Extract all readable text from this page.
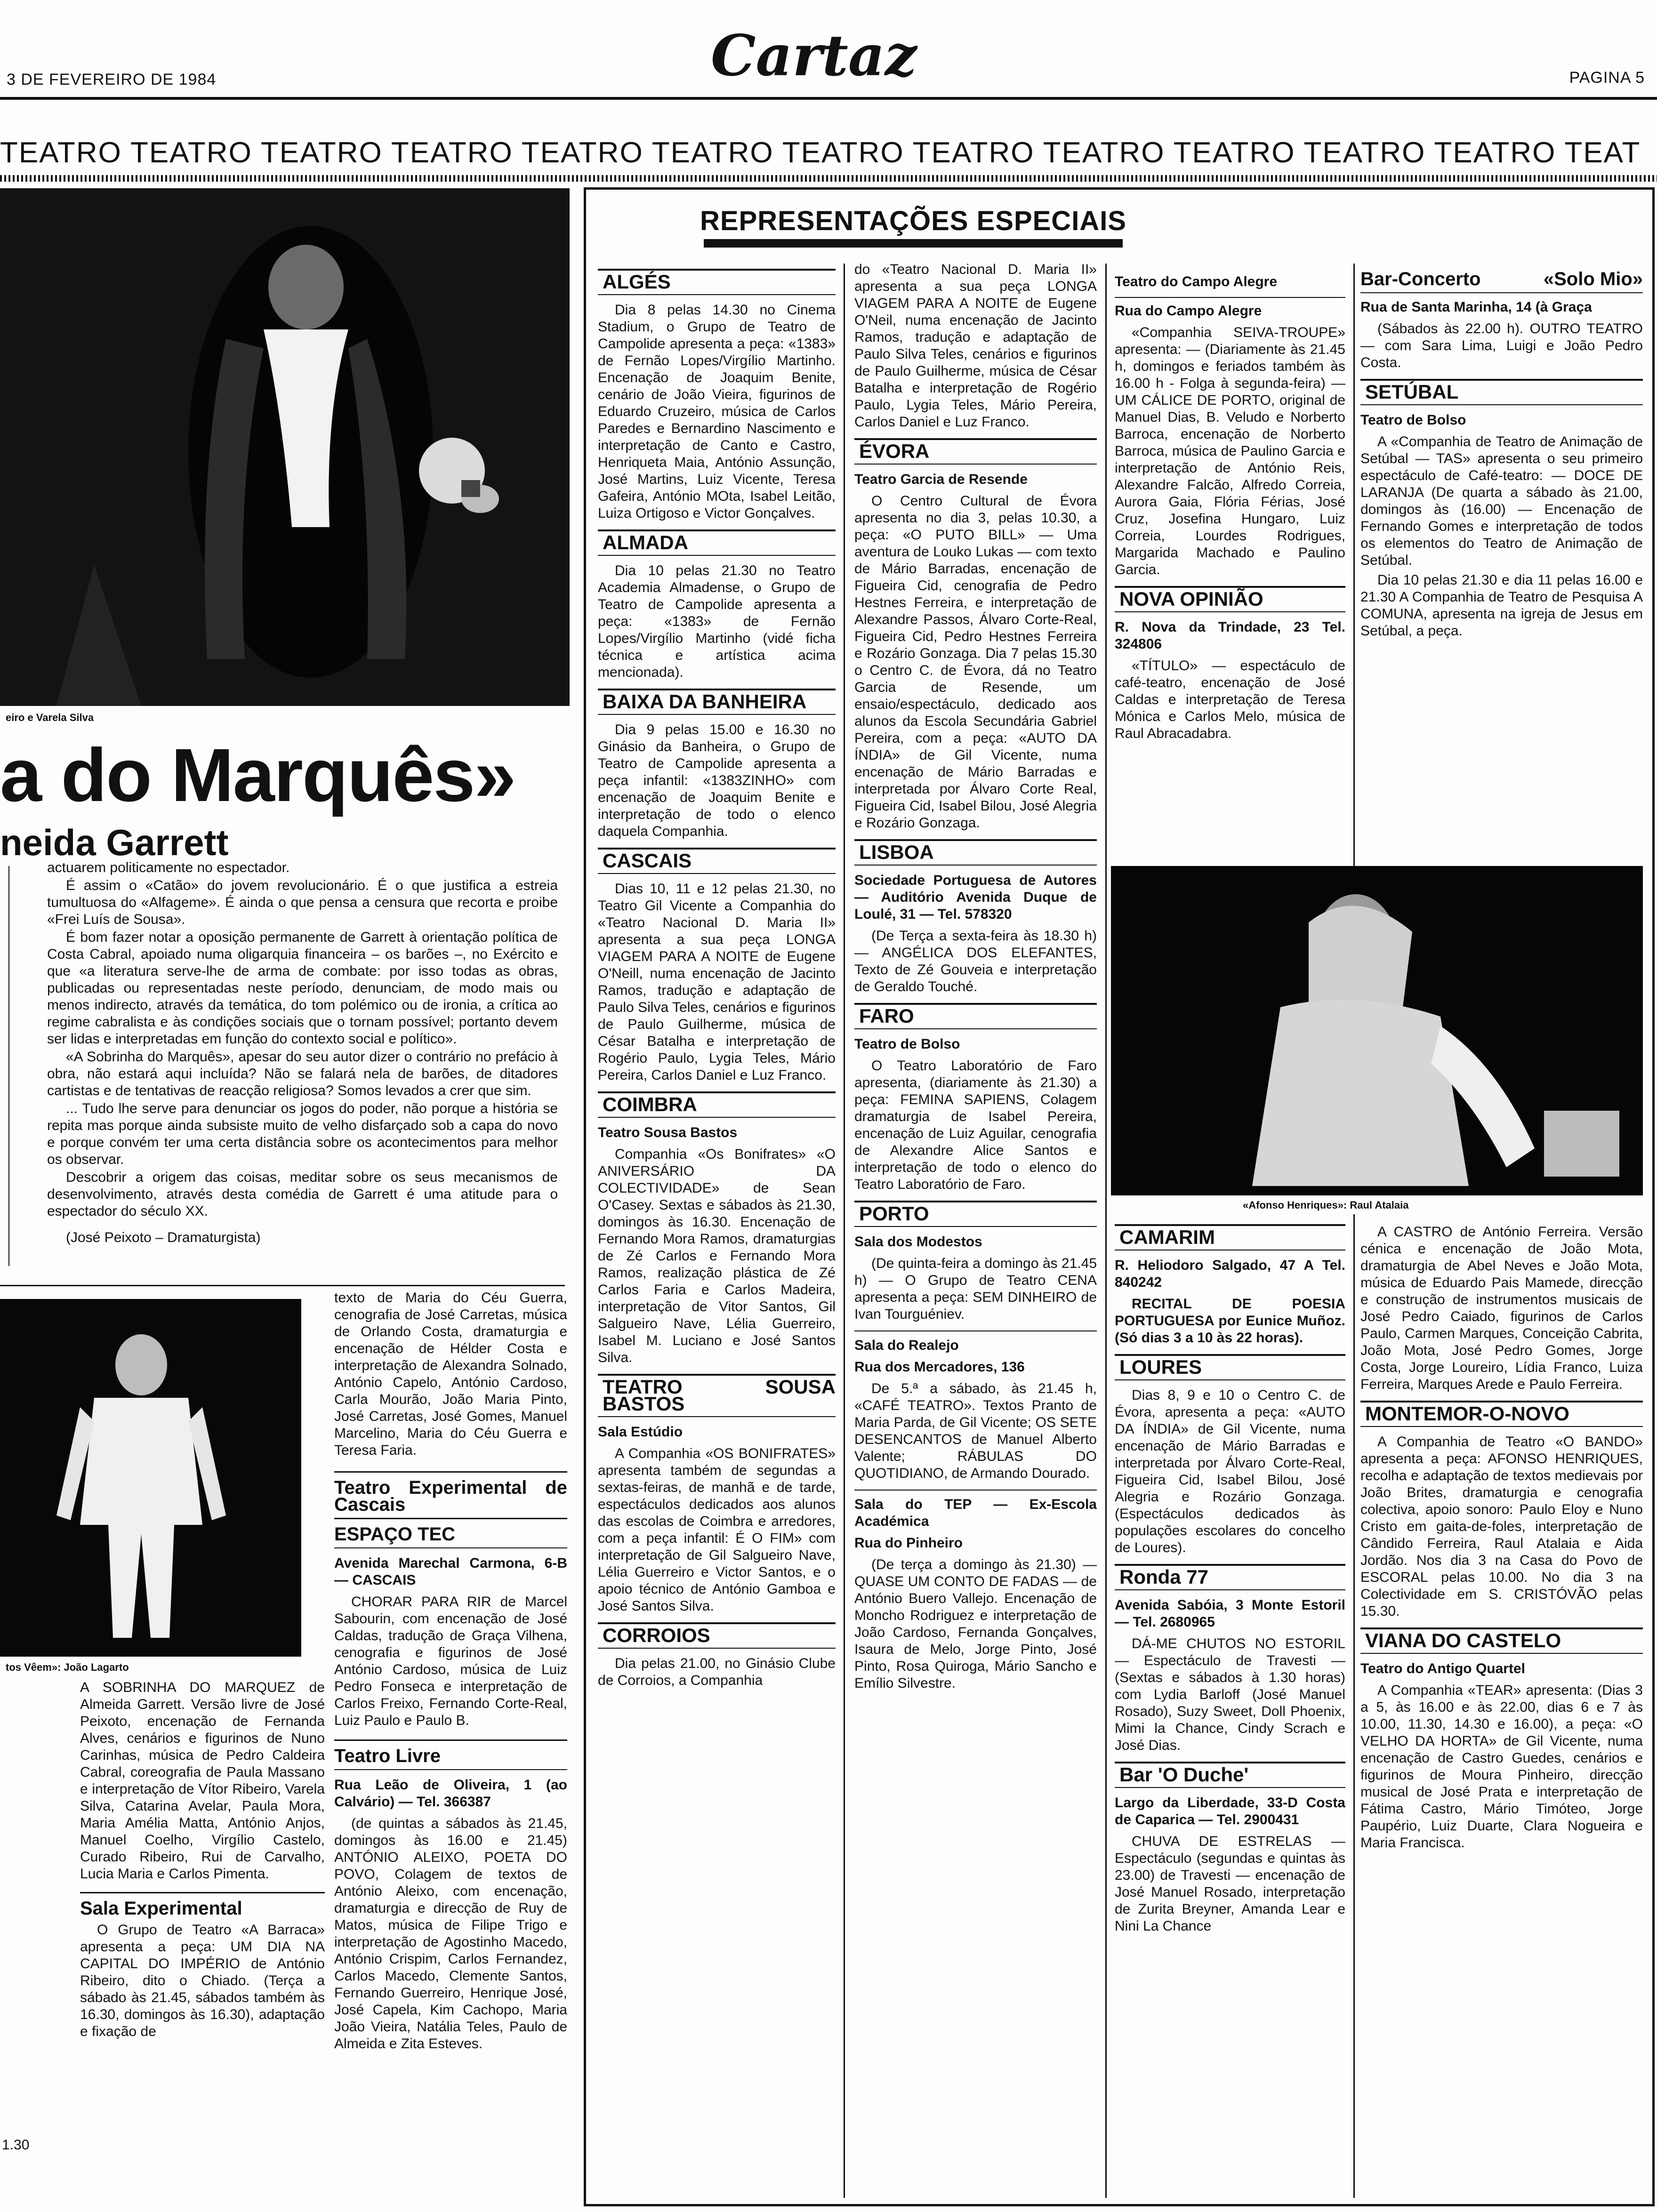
3 DE FEVEREIRO DE 1984	Cartaz	PAGINA 5
TEATRO TEATRO TEATRO TEATRO TEATRO TEATRO TEATRO TEATRO TEATRO TEATRO TEATRO TEATRO TEAT
eiro e Varela Silva
a do Marquês»
neida Garrett

actuarem politicamente no espectador.

É assim o «Catão» do jovem revolucionário. É o que justifica a estreia tumultuosa do «Alfageme». É ainda o que pensa a censura que recorta e proibe «Frei Luís de Sousa».

É bom fazer notar a oposição permanente de Garrett à orientação política de Costa Cabral, apoiado numa oligarquia financeira – os barões –, no Exército e que «a literatura serve-lhe de arma de combate: por isso todas as obras, publicadas ou representadas neste período, denunciam, de modo mais ou menos indirecto, através da temática, do tom polémico ou de ironia, a crítica ao regime cabralista e às condições sociais que o tornam possível; portanto devem ser lidas e interpretadas em função do contexto social e político».

«A Sobrinha do Marquês», apesar do seu autor dizer o contrário no prefácio à obra, não estará aqui incluída? Não se falará nela de barões, de ditadores cartistas e de tentativas de reacção religiosa? Somos levados a crer que sim.

... Tudo lhe serve para denunciar os jogos do poder, não porque a história se repita mas porque ainda subsiste muito de velho disfarçado sob a capa do novo e porque convém ter uma certa distância sobre os acontecimentos para melhor os observar.

Descobrir a origem das coisas, meditar sobre os seus mecanismos de desenvolvimento, através desta comédia de Garrett é uma atitude para o espectador do século XX.

(José Peixoto – Dramaturgista)

tos Vêem»: João Lagarto

A SOBRINHA DO MARQUEZ de Almeida Garrett. Versão livre de José Peixoto, encenação de Fernanda Alves, cenários e figurinos de Nuno Carinhas, música de Pedro Caldeira Cabral, coreografia de Paula Massano e interpretação de Vítor Ribeiro, Varela Silva, Catarina Avelar, Paula Mora, Maria Amélia Matta, António Anjos, Manuel Coelho, Virgílio Castelo, Curado Ribeiro, Rui de Carvalho, Lucia Maria e Carlos Pimenta.

Sala Experimental

O Grupo de Teatro «A Barraca» apresenta a peça: UM DIA NA CAPITAL DO IMPÉRIO de António Ribeiro, dito o Chiado. (Terça a sábado às 21.45, sábados também às 16.30, domingos às 16.30), adaptação e fixação de

1.30

texto de Maria do Céu Guerra, cenografia de José Carretas, música de Orlando Costa, dramaturgia e encenação de Hélder Costa e interpretação de Alexandra Solnado, António Capelo, António Cardoso, Carla Mourão, João Maria Pinto, José Carretas, José Gomes, Manuel Marcelino, Maria do Céu Guerra e Teresa Faria.

Teatro Experimental de Cascais
ESPAÇO TEC
Avenida Marechal Carmona, 6-B — CASCAIS

CHORAR PARA RIR de Marcel Sabourin, com encenação de José Caldas, tradução de Graça Vilhena, cenografia e figurinos de José António Cardoso, música de Luiz Pedro Fonseca e interpretação de Carlos Freixo, Fernando Corte-Real, Luiz Paulo e Paulo B.

Teatro Livre
Rua Leão de Oliveira, 1 (ao Calvário) — Tel. 366387

(de quintas a sábados às 21.45, domingos às 16.00 e 21.45) ANTÓNIO ALEIXO, POETA DO POVO, Colagem de textos de António Aleixo, com encenação, dramaturgia e direcção de Ruy de Matos, música de Filipe Trigo e interpretação de Agostinho Macedo, António Crispim, Carlos Fernandez, Carlos Macedo, Clemente Santos, Fernando Guerreiro, Henrique José, José Capela, Kim Cachopo, Maria João Vieira, Natália Teles, Paulo de Almeida e Zita Esteves.

REPRESENTAÇÕES ESPECIAIS
ALGÉS

Dia 8 pelas 14.30 no Cinema Stadium, o Grupo de Teatro de Campolide apresenta a peça: «1383» de Fernão Lopes/Virgílio Martinho. Encenação de Joaquim Benite, cenário de João Vieira, figurinos de Eduardo Cruzeiro, música de Carlos Paredes e Bernardino Nascimento e interpretação de Canto e Castro, Henriqueta Maia, António Assunção, José Martins, Luiz Vicente, Teresa Gafeira, António MOta, Isabel Leitão, Luiza Ortigoso e Victor Gonçalves.

ALMADA

Dia 10 pelas 21.30 no Teatro Academia Almadense, o Grupo de Teatro de Campolide apresenta a peça: «1383» de Fernão Lopes/Virgílio Martinho (vidé ficha técnica e artística acima mencionada).

BAIXA DA BANHEIRA

Dia 9 pelas 15.00 e 16.30 no Ginásio da Banheira, o Grupo de Teatro de Campolide apresenta a peça infantil: «1383ZINHO» com encenação de Joaquim Benite e interpretação de todo o elenco daquela Companhia.

CASCAIS

Dias 10, 11 e 12 pelas 21.30, no Teatro Gil Vicente a Companhia do «Teatro Nacional D. Maria II» apresenta a sua peça LONGA VIAGEM PARA A NOITE de Eugene O'Neill, numa encenação de Jacinto Ramos, tradução e adaptação de Paulo Silva Teles, cenários e figurinos de Paulo Guilherme, música de César Batalha e interpretação de Rogério Paulo, Lygia Teles, Mário Pereira, Carlos Daniel e Luz Franco.

COIMBRA
Teatro Sousa Bastos

Companhia «Os Bonifrates» «O ANIVERSÁRIO DA COLECTIVIDADE» de Sean O'Casey. Sextas e sábados às 21.30, domingos às 16.30. Encenação de Fernando Mora Ramos, dramaturgias de Zé Carlos e Fernando Mora Ramos, realização plástica de Zé Carlos Faria e Carlos Madeira, interpretação de Vitor Santos, Gil Salgueiro Nave, Lélia Guerreiro, Isabel M. Luciano e José Santos Silva.

TEATRO SOUSA BASTOS
Sala Estúdio

A Companhia «OS BONIFRATES» apresenta também de segundas a sextas-feiras, de manhã e de tarde, espectáculos dedicados aos alunos das escolas de Coimbra e arredores, com a peça infantil: É O FIM» com interpretação de Gil Salgueiro Nave, Lélia Guerreiro e Victor Santos, e o apoio técnico de António Gamboa e José Santos Silva.

CORROIOS

Dia pelas 21.00, no Ginásio Clube de Corroios, a Companhia

do «Teatro Nacional D. Maria II» apresenta a sua peça LONGA VIAGEM PARA A NOITE de Eugene O'Neil, numa encenação de Jacinto Ramos, tradução e adaptação de Paulo Silva Teles, cenários e figurinos de Paulo Guilherme, música de César Batalha e interpretação de Rogério Paulo, Lygia Teles, Mário Pereira, Carlos Daniel e Luz Franco.

ÉVORA
Teatro Garcia de Resende

O Centro Cultural de Évora apresenta no dia 3, pelas 10.30, a peça: «O PUTO BILL» — Uma aventura de Louko Lukas — com texto de Mário Barradas, encenação de Figueira Cid, cenografia de Pedro Hestnes Ferreira, e interpretação de Alexandre Passos, Álvaro Corte-Real, Figueira Cid, Pedro Hestnes Ferreira e Rozário Gonzaga. Dia 7 pelas 15.30 o Centro C. de Évora, dá no Teatro Garcia de Resende, um ensaio/espectáculo, dedicado aos alunos da Escola Secundária Gabriel Pereira, com a peça: «AUTO DA ÍNDIA» de Gil Vicente, numa encenação de Mário Barradas e interpretada por Álvaro Corte Real, Figueira Cid, Isabel Bilou, José Alegria e Rozário Gonzaga.

LISBOA
Sociedade Portuguesa de Autores — Auditório Avenida Duque de Loulé, 31 — Tel. 578320

(De Terça a sexta-feira às 18.30 h) — ANGÉLICA DOS ELEFANTES, Texto de Zé Gouveia e interpretação de Geraldo Touché.

FARO
Teatro de Bolso

O Teatro Laboratório de Faro apresenta, (diariamente às 21.30) a peça: FEMINA SAPIENS, Colagem dramaturgia de Isabel Pereira, encenação de Luiz Aguilar, cenografia de Alexandre Alice Santos e interpretação de todo o elenco do Teatro Laboratório de Faro.

PORTO
Sala dos Modestos

(De quinta-feira a domingo às 21.45 h) — O Grupo de Teatro CENA apresenta a peça: SEM DINHEIRO de Ivan Tourguéniev.

Sala do Realejo
Rua dos Mercadores, 136

De 5.ª a sábado, às 21.45 h, «CAFÉ TEATRO». Textos Pranto de Maria Parda, de Gil Vicente; OS SETE DESENCANTOS de Manuel Alberto Valente; RÁBULAS DO QUOTIDIANO, de Armando Dourado.

Sala do TEP — Ex-Escola Académica
Rua do Pinheiro

(De terça a domingo às 21.30) — QUASE UM CONTO DE FADAS — de António Buero Vallejo. Encenação de Moncho Rodriguez e interpretação de João Cardoso, Fernanda Gonçalves, Isaura de Melo, Jorge Pinto, José Pinto, Rosa Quiroga, Mário Sancho e Emílio Silvestre.

Teatro do Campo Alegre
Rua do Campo Alegre

«Companhia SEIVA-TROUPE» apresenta: — (Diariamente às 21.45 h, domingos e feriados também às 16.00 h - Folga à segunda-feira) — UM CÁLICE DE PORTO, original de Manuel Dias, B. Veludo e Norberto Barroca, encenação de Norberto Barroca, música de Paulino Garcia e interpretação de António Reis, Alexandre Falcão, Alfredo Correia, Aurora Gaia, Flória Férias, José Cruz, Josefina Hungaro, Luiz Correia, Lourdes Rodrigues, Margarida Machado e Paulino Garcia.

NOVA OPINIÃO
R. Nova da Trindade, 23 Tel. 324806

«TÍTULO» — espectáculo de café-teatro, encenação de José Caldas e interpretação de Teresa Mónica e Carlos Melo, música de Raul Abracadabra.

Bar-Concerto	«Solo Mio»
Rua de Santa Marinha, 14 (à Graça

(Sábados às 22.00 h). OUTRO TEATRO — com Sara Lima, Luigi e João Pedro Costa.

SETÚBAL
Teatro de Bolso

A «Companhia de Teatro de Animação de Setúbal — TAS» apresenta o seu primeiro espectáculo de Café-teatro: — DOCE DE LARANJA (De quarta a sábado às 21.00, domingos às (16.00) — Encenação de Fernando Gomes e interpretação de todos os elementos do Teatro de Animação de Setúbal.

Dia 10 pelas 21.30 e dia 11 pelas 16.00 e 21.30 A Companhia de Teatro de Pesquisa A COMUNA, apresenta na igreja de Jesus em Setúbal, a peça.

«Afonso Henriques»: Raul Atalaia
CAMARIM
R. Heliodoro Salgado, 47 A Tel. 840242

RECITAL DE POESIA PORTUGUESA por Eunice Muñoz. (Só dias 3 a 10 às 22 horas).

LOURES

Dias 8, 9 e 10 o Centro C. de Évora, apresenta a peça: «AUTO DA ÍNDIA» de Gil Vicente, numa encenação de Mário Barradas e interpretada por Álvaro Corte-Real, Figueira Cid, Isabel Bilou, José Alegria e Rozário Gonzaga. (Espectáculos dedicados às populações escolares do concelho de Loures).

Ronda 77
Avenida Sabóia, 3 Monte Estoril — Tel. 2680965

DÁ-ME CHUTOS NO ESTORIL — Espectáculo de Travesti — (Sextas e sábados à 1.30 horas) com Lydia Barloff (José Manuel Rosado), Suzy Sweet, Doll Phoenix, Mimi la Chance, Cindy Scrach e José Dias.

Bar 'O Duche'
Largo da Liberdade, 33-D Costa de Caparica — Tel. 2900431

CHUVA DE ESTRELAS — Espectáculo (segundas e quintas às 23.00) de Travesti — encenação de José Manuel Rosado, interpretação de Zurita Breyner, Amanda Lear e Nini La Chance

A CASTRO de António Ferreira. Versão cénica e encenação de João Mota, dramaturgia de Abel Neves e João Mota, música de Eduardo Pais Mamede, direcção e construção de instrumentos musicais de José Pedro Caiado, figurinos de Carlos Paulo, Carmen Marques, Conceição Cabrita, João Mota, José Pedro Gomes, Jorge Costa, Jorge Loureiro, Lídia Franco, Luiza Ferreira, Marques Arede e Paulo Ferreira.

MONTEMOR-O-NOVO

A Companhia de Teatro «O BANDO» apresenta a peça: AFONSO HENRIQUES, recolha e adaptação de textos medievais por João Brites, dramaturgia e cenografia colectiva, apoio sonoro: Paulo Eloy e Nuno Cristo em gaita-de-foles, interpretação de Cândido Ferreira, Raul Atalaia e Aida Jordão. Nos dia 3 na Casa do Povo de ESCORAL pelas 10.00. No dia 3 na Colectividade em S. CRISTÓVÃO pelas 15.30.

VIANA DO CASTELO
Teatro do Antigo Quartel

A Companhia «TEAR» apresenta: (Dias 3 a 5, às 16.00 e às 22.00, dias 6 e 7 às 10.00, 11.30, 14.30 e 16.00), a peça: «O VELHO DA HORTA» de Gil Vicente, numa encenação de Castro Guedes, cenários e figurinos de Moura Pinheiro, direcção musical de José Prata e interpretação de Fátima Castro, Mário Timóteo, Jorge Paupério, Luiz Duarte, Clara Nogueira e Maria Francisca.
